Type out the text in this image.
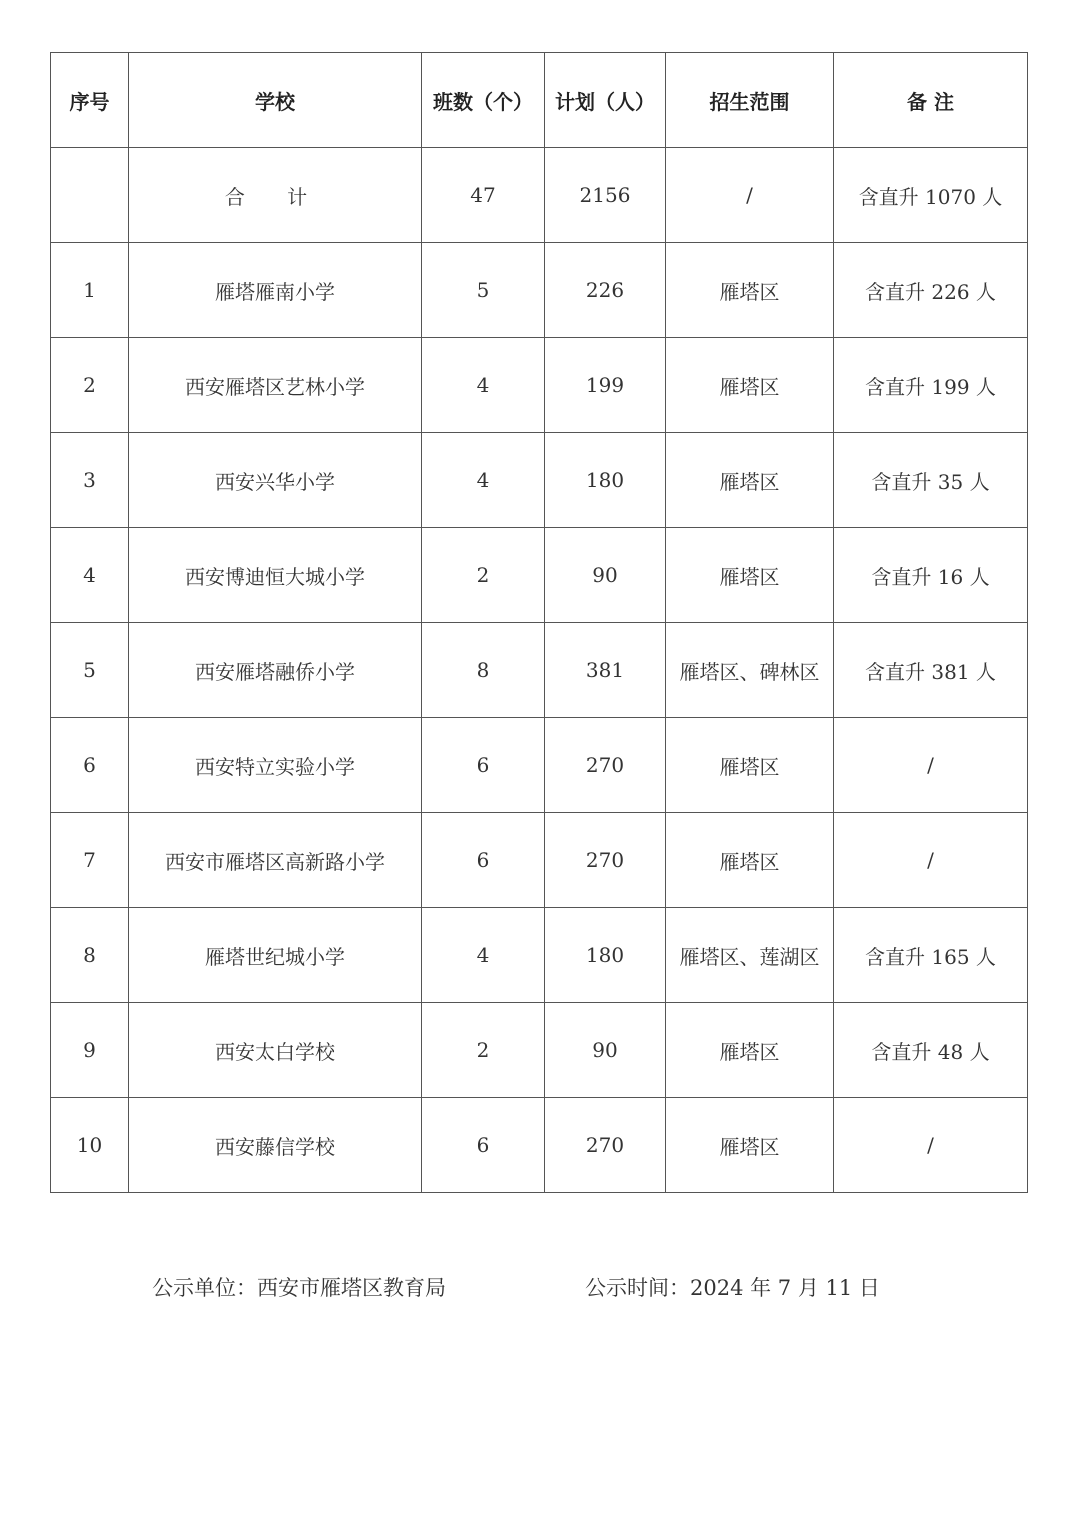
序号	学校	班数（个）	计划（人）	招生范围	备 注
	合 计	47	2156	/	含直升 1070 人
1	雁塔雁南小学	5	226	雁塔区	含直升 226 人
2	西安雁塔区艺林小学	4	199	雁塔区	含直升 199 人
3	西安兴华小学	4	180	雁塔区	含直升 35 人
4	西安博迪恒大城小学	2	90	雁塔区	含直升 16 人
5	西安雁塔融侨小学	8	381	雁塔区、碑林区	含直升 381 人
6	西安特立实验小学	6	270	雁塔区	/
7	西安市雁塔区高新路小学	6	270	雁塔区	/
8	雁塔世纪城小学	4	180	雁塔区、莲湖区	含直升 165 人
9	西安太白学校	2	90	雁塔区	含直升 48 人
10	西安藤信学校	6	270	雁塔区	/
公示单位：西安市雁塔区教育局	公示时间：2024 年 7 月 11 日
